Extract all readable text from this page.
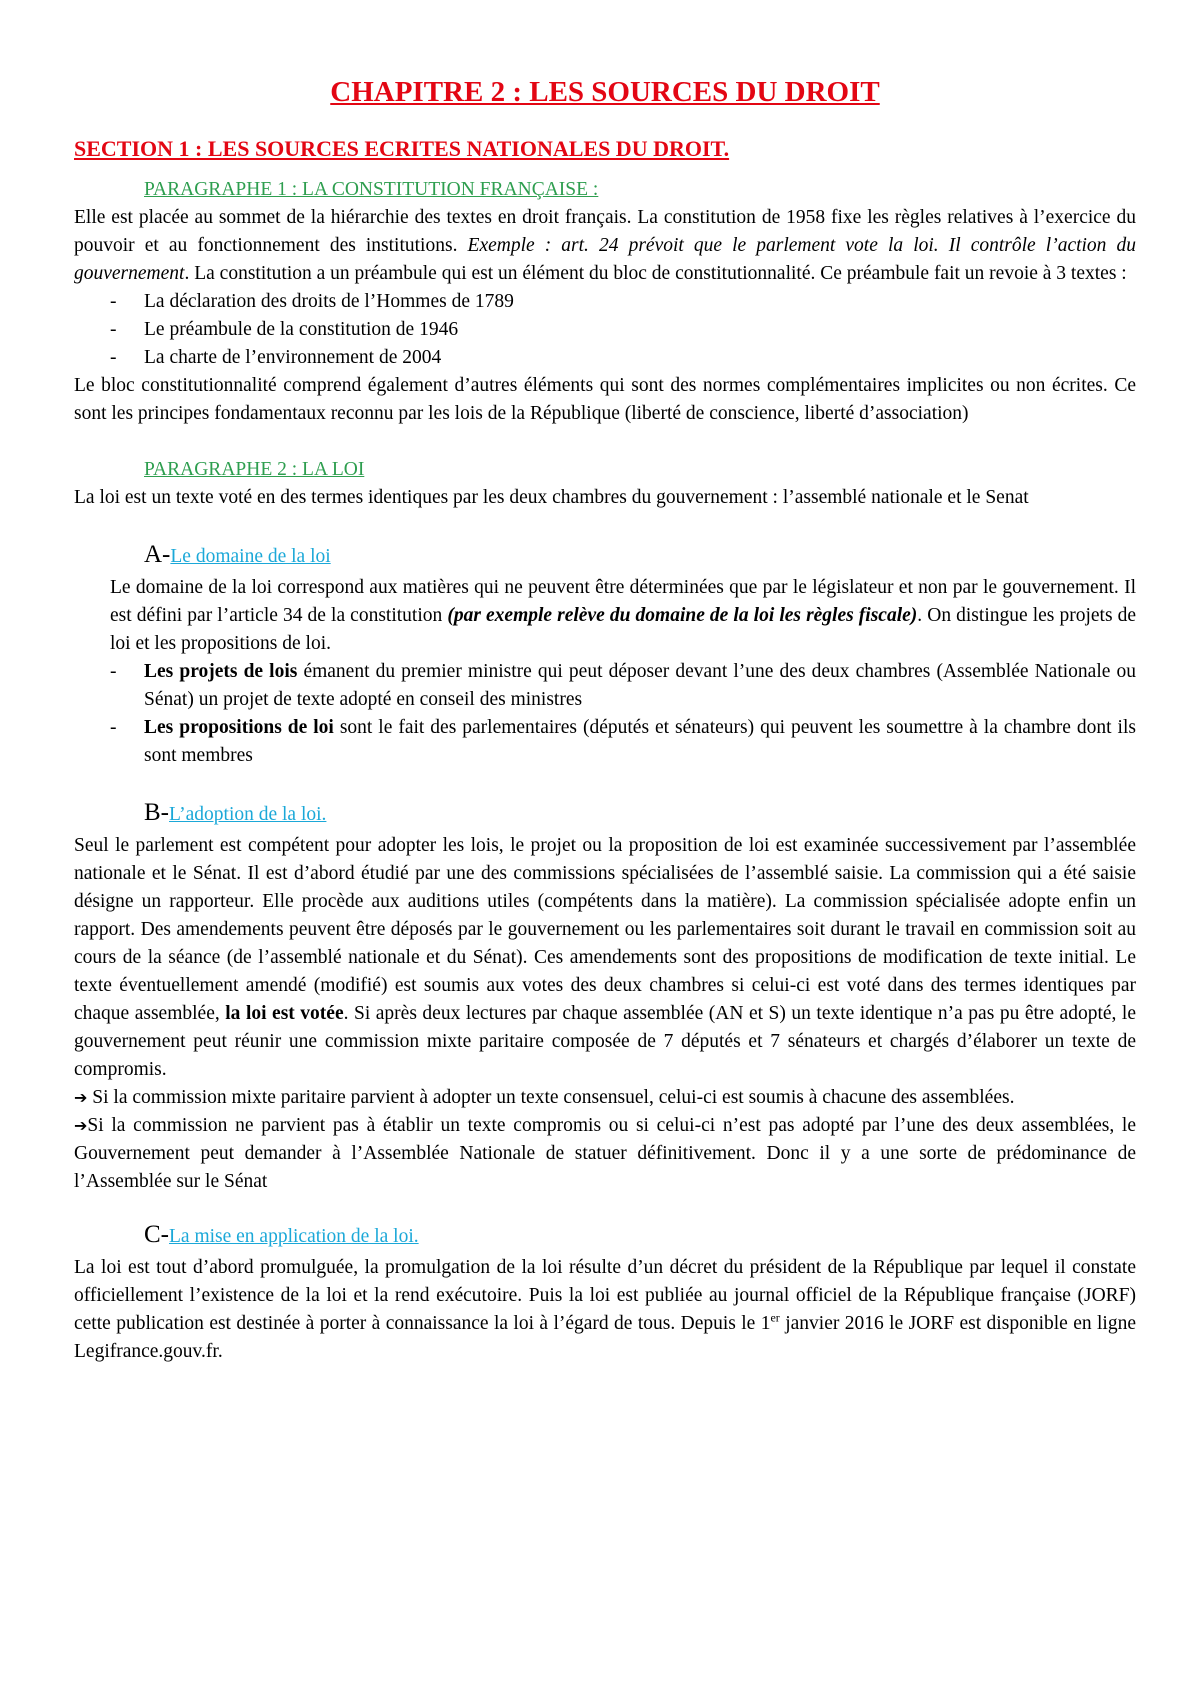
CHAPITRE 2 : LES SOURCES DU DROIT
SECTION 1 : LES SOURCES ECRITES NATIONALES DU DROIT.
PARAGRAPHE 1 : LA CONSTITUTION FRANÇAISE :
Elle est placée au sommet de la hiérarchie des textes en droit français. La constitution de 1958 fixe les règles relatives à l’exercice du pouvoir et au fonctionnement des institutions. Exemple : art. 24 prévoit que le parlement vote la loi. Il contrôle l’action du gouvernement. La constitution a un préambule qui est un élément du bloc de constitutionnalité. Ce préambule fait un revoie à 3 textes :
- La déclaration des droits de l’Hommes de 1789
- Le préambule de la constitution de 1946
- La charte de l’environnement de 2004
Le bloc constitutionnalité comprend également d’autres éléments qui sont des normes complémentaires implicites ou non écrites. Ce sont les principes fondamentaux reconnu par les lois de la République (liberté de conscience, liberté d’association)
PARAGRAPHE 2 : LA LOI
La loi est un texte voté en des termes identiques par les deux chambres du gouvernement : l’assemblé nationale et le Senat
A-Le domaine de la loi
Le domaine de la loi correspond aux matières qui ne peuvent être déterminées que par le législateur et non par le gouvernement. Il est défini par l’article 34 de la constitution (par exemple relève du domaine de la loi les règles fiscale). On distingue les projets de loi et les propositions de loi.
- Les projets de lois émanent du premier ministre qui peut déposer devant l’une des deux chambres (Assemblée Nationale ou Sénat) un projet de texte adopté en conseil des ministres
- Les propositions de loi sont le fait des parlementaires (députés et sénateurs) qui peuvent les soumettre à la chambre dont ils sont membres
B-L’adoption de la loi.
Seul le parlement est compétent pour adopter les lois, le projet ou la proposition de loi est examinée successivement par l’assemblée nationale et le Sénat. Il est d’abord étudié par une des commissions spécialisées de l’assemblé saisie. La commission qui a été saisie désigne un rapporteur. Elle procède aux auditions utiles (compétents dans la matière). La commission spécialisée adopte enfin un rapport. Des amendements peuvent être déposés par le gouvernement ou les parlementaires soit durant le travail en commission soit au cours de la séance (de l’assemblé nationale et du Sénat). Ces amendements sont des propositions de modification de texte initial. Le texte éventuellement amendé (modifié) est soumis aux votes des deux chambres si celui-ci est voté dans des termes identiques par chaque assemblée, la loi est votée. Si après deux lectures par chaque assemblée (AN et S) un texte identique n’a pas pu être adopté, le gouvernement peut réunir une commission mixte paritaire composée de 7 députés et 7 sénateurs et chargés d’élaborer un texte de compromis.
➔ Si la commission mixte paritaire parvient à adopter un texte consensuel, celui-ci est soumis à chacune des assemblées.
➔Si la commission ne parvient pas à établir un texte compromis ou si celui-ci n’est pas adopté par l’une des deux assemblées, le Gouvernement peut demander à l’Assemblée Nationale de statuer définitivement. Donc il y a une sorte de prédominance de l’Assemblée sur le Sénat
C-La mise en application de la loi.
La loi est tout d’abord promulguée, la promulgation de la loi résulte d’un décret du président de la République par lequel il constate officiellement l’existence de la loi et la rend exécutoire. Puis la loi est publiée au journal officiel de la République française (JORF) cette publication est destinée à porter à connaissance la loi à l’égard de tous. Depuis le 1er janvier 2016 le JORF est disponible en ligne Legifrance.gouv.fr.
